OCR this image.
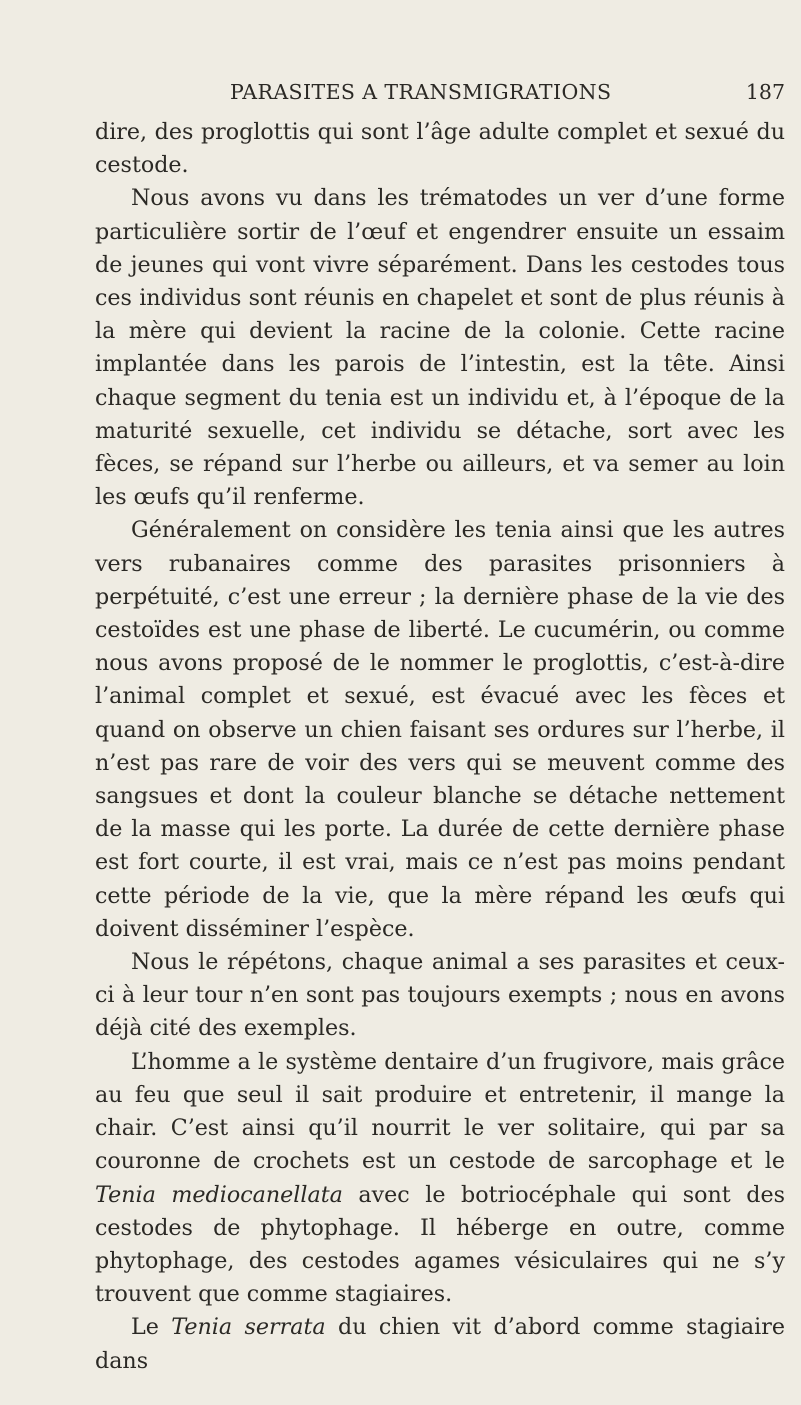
PARASITES A TRANSMIGRATIONS	187

dire, des proglottis qui sont l’âge adulte complet et sexué du cestode.

Nous avons vu dans les trématodes un ver d’une forme particulière sortir de l’œuf et engendrer ensuite un essaim de jeunes qui vont vivre séparément. Dans les cestodes tous ces individus sont réunis en chapelet et sont de plus réunis à la mère qui devient la racine de la colonie. Cette racine implantée dans les parois de l’intestin, est la tête. Ainsi chaque segment du tenia est un individu et, à l’époque de la maturité sexuelle, cet individu se détache, sort avec les fèces, se répand sur l’herbe ou ailleurs, et va semer au loin les œufs qu’il renferme.

Généralement on considère les tenia ainsi que les autres vers rubanaires comme des parasites prisonniers à perpétuité, c’est une erreur ; la dernière phase de la vie des cestoïdes est une phase de liberté. Le cucumérin, ou comme nous avons proposé de le nommer le proglottis, c’est-à-dire l’animal complet et sexué, est évacué avec les fèces et quand on observe un chien faisant ses ordures sur l’herbe, il n’est pas rare de voir des vers qui se meuvent comme des sangsues et dont la couleur blanche se détache nettement de la masse qui les porte. La durée de cette dernière phase est fort courte, il est vrai, mais ce n’est pas moins pendant cette période de la vie, que la mère répand les œufs qui doivent disséminer l’espèce.

Nous le répétons, chaque animal a ses parasites et ceux-ci à leur tour n’en sont pas toujours exempts ; nous en avons déjà cité des exemples.

L’homme a le système dentaire d’un frugivore, mais grâce au feu que seul il sait produire et entretenir, il mange la chair. C’est ainsi qu’il nourrit le ver solitaire, qui par sa couronne de crochets est un cestode de sarcophage et le Tenia mediocanellata avec le botriocéphale qui sont des cestodes de phytophage. Il héberge en outre, comme phytophage, des cestodes agames vésiculaires qui ne s’y trouvent que comme stagiaires.

Le Tenia serrata du chien vit d’abord comme stagiaire dans
